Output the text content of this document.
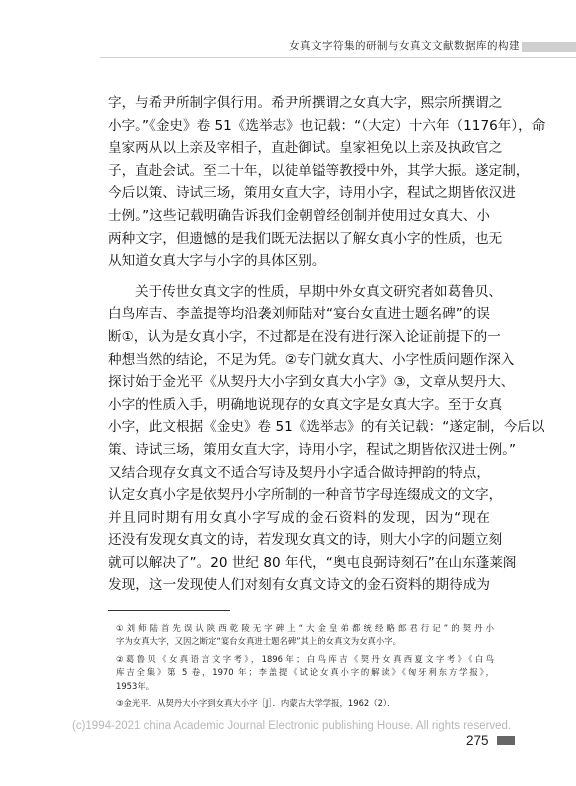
女真文字符集的研制与女真文文献数据库的构建
字，与希尹所制字俱行用。希尹所撰谓之女真大字，熙宗所撰谓之
小字。”《金史》卷 51《选举志》也记载：“（大定）十六年（1176年），命
皇家两从以上亲及宰相子，直赴御试。皇家袒免以上亲及执政官之
子，直赴会试。至二十年，以徒单镒等教授中外，其学大振。遂定制，
今后以策、诗试三场，策用女直大字，诗用小字，程试之期皆依汉进
士例。”这些记载明确告诉我们金朝曾经创制并使用过女真大、小
两种文字，但遗憾的是我们既无法据以了解女真小字的性质，也无
从知道女真大字与小字的具体区别。
关于传世女真文字的性质，早期中外女真文研究者如葛鲁贝、
白鸟库吉、李盖提等均沿袭刘师陆对“宴台女直进士题名碑”的误
断①，认为是女真小字，不过都是在没有进行深入论证前提下的一
种想当然的结论，不足为凭。②专门就女真大、小字性质问题作深入
探讨始于金光平《从契丹大小字到女真大小字》③，文章从契丹大、
小字的性质入手，明确地说现存的女真文字是女真大字。至于女真
小字，此文根据《金史》卷 51《选举志》的有关记载：“遂定制，今后以
策、诗试三场，策用女直大字，诗用小字，程试之期皆依汉进士例。”
又结合现存女真文不适合写诗及契丹小字适合做诗押韵的特点，
认定女真小字是依契丹小字所制的一种音节字母连缀成文的文字，
并且同时期有用女真小字写成的金石资料的发现，因为“现在
还没有发现女真文的诗，若发现女真文的诗，则大小字的问题立刻
就可以解决了”。20 世纪 80 年代，“奥屯良弼诗刻石”在山东蓬莱阁
发现，这一发现使人们对刻有女真文诗文的金石资料的期待成为
①刘师陆首先误认陕西乾陵无字碑上“大金皇弟都统经略郎君行记”的契丹小
字为女真大字，又因之断定“宴台女真进士题名碑”其上的女真文为女真小字。
②葛鲁贝《女真语言文字考》，1896年；白鸟库吉《契丹女真西夏文字考》《白鸟
库吉全集》第 5 卷，1970 年；李盖提《试论女真小字的解读》《匈牙利东方学报》，
1953年。
③金光平．从契丹大小字到女真大小字［J］．内蒙古大学学报，1962（2）．
(c)1994-2021 china Academic Journal Electronic publishing House. All rights reserved.
275
